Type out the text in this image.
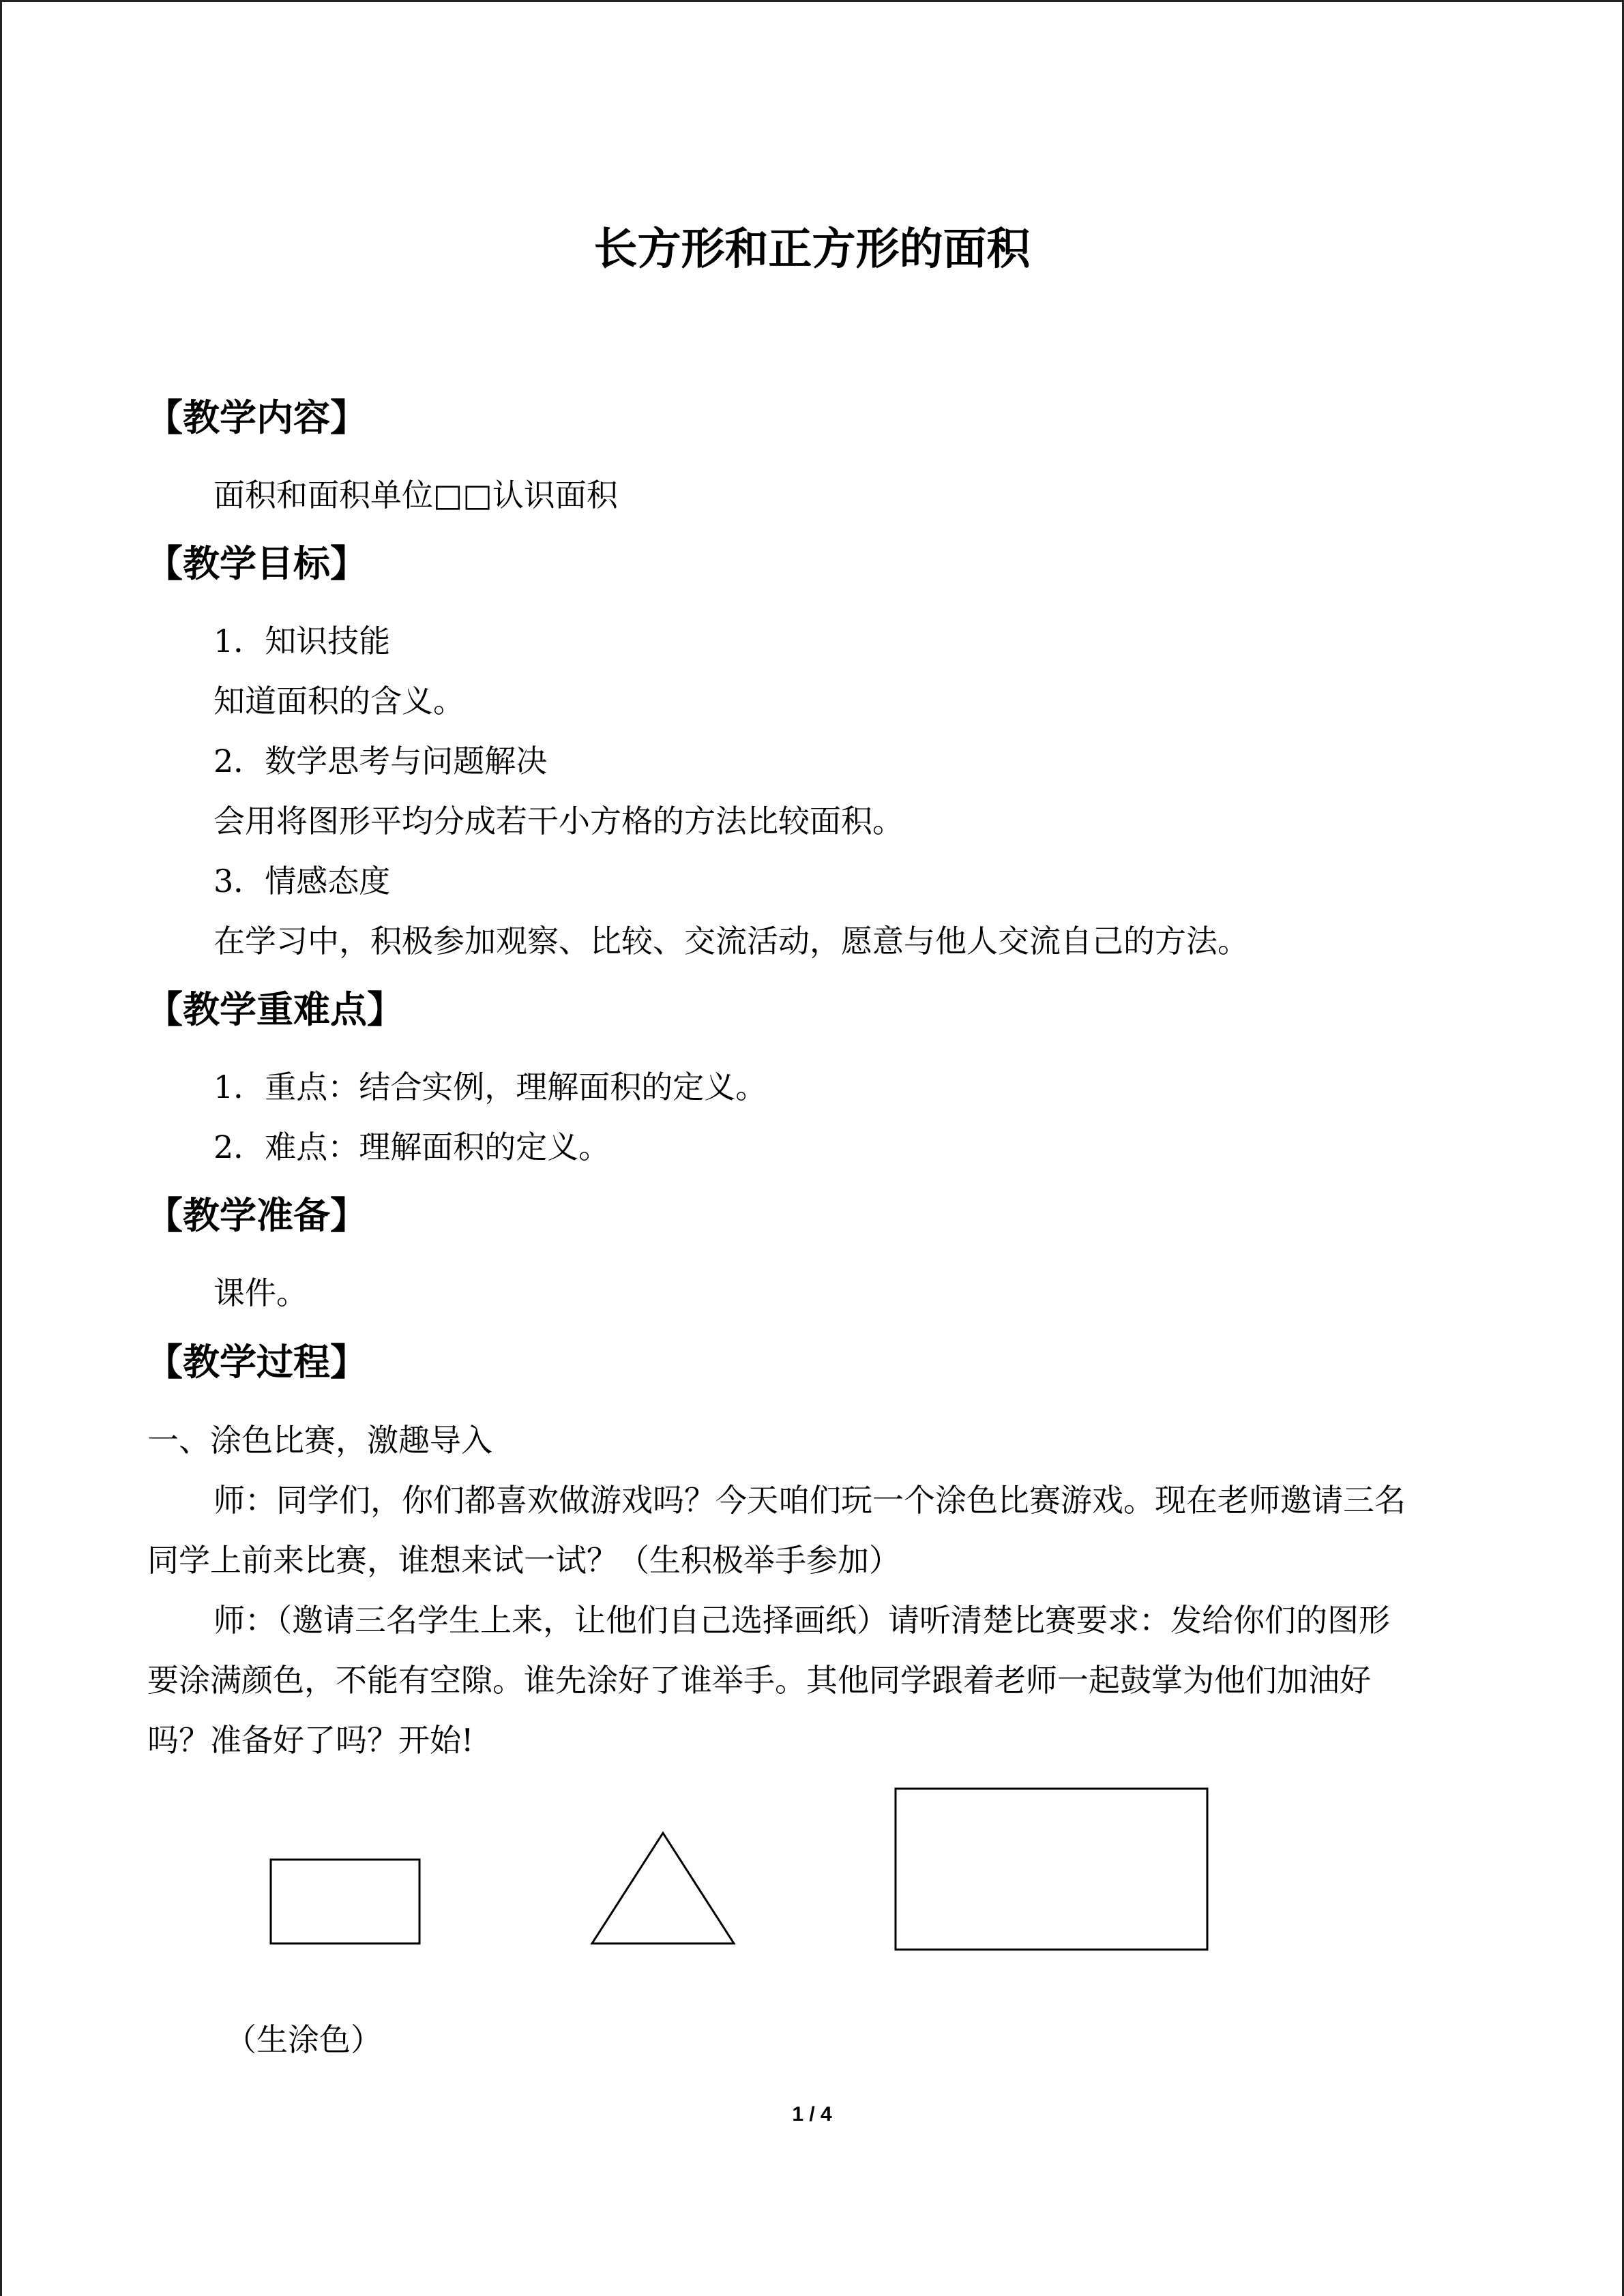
长方形和正方形的面积
【教学内容】
面积和面积单位□□认识面积
【教学目标】
1．知识技能
知道面积的含义。
2．数学思考与问题解决
会用将图形平均分成若干小方格的方法比较面积。
3．情感态度
在学习中，积极参加观察、比较、交流活动，愿意与他人交流自己的方法。
【教学重难点】
1．重点：结合实例，理解面积的定义。
2．难点：理解面积的定义。
【教学准备】
课件。
【教学过程】
一、涂色比赛，激趣导入
师：同学们，你们都喜欢做游戏吗？今天咱们玩一个涂色比赛游戏。现在老师邀请三名
同学上前来比赛，谁想来试一试？（生积极举手参加）
师：（邀请三名学生上来，让他们自己选择画纸）请听清楚比赛要求：发给你们的图形
要涂满颜色，不能有空隙。谁先涂好了谁举手。其他同学跟着老师一起鼓掌为他们加油好
吗？准备好了吗？开始!
（生涂色）
1 / 4
